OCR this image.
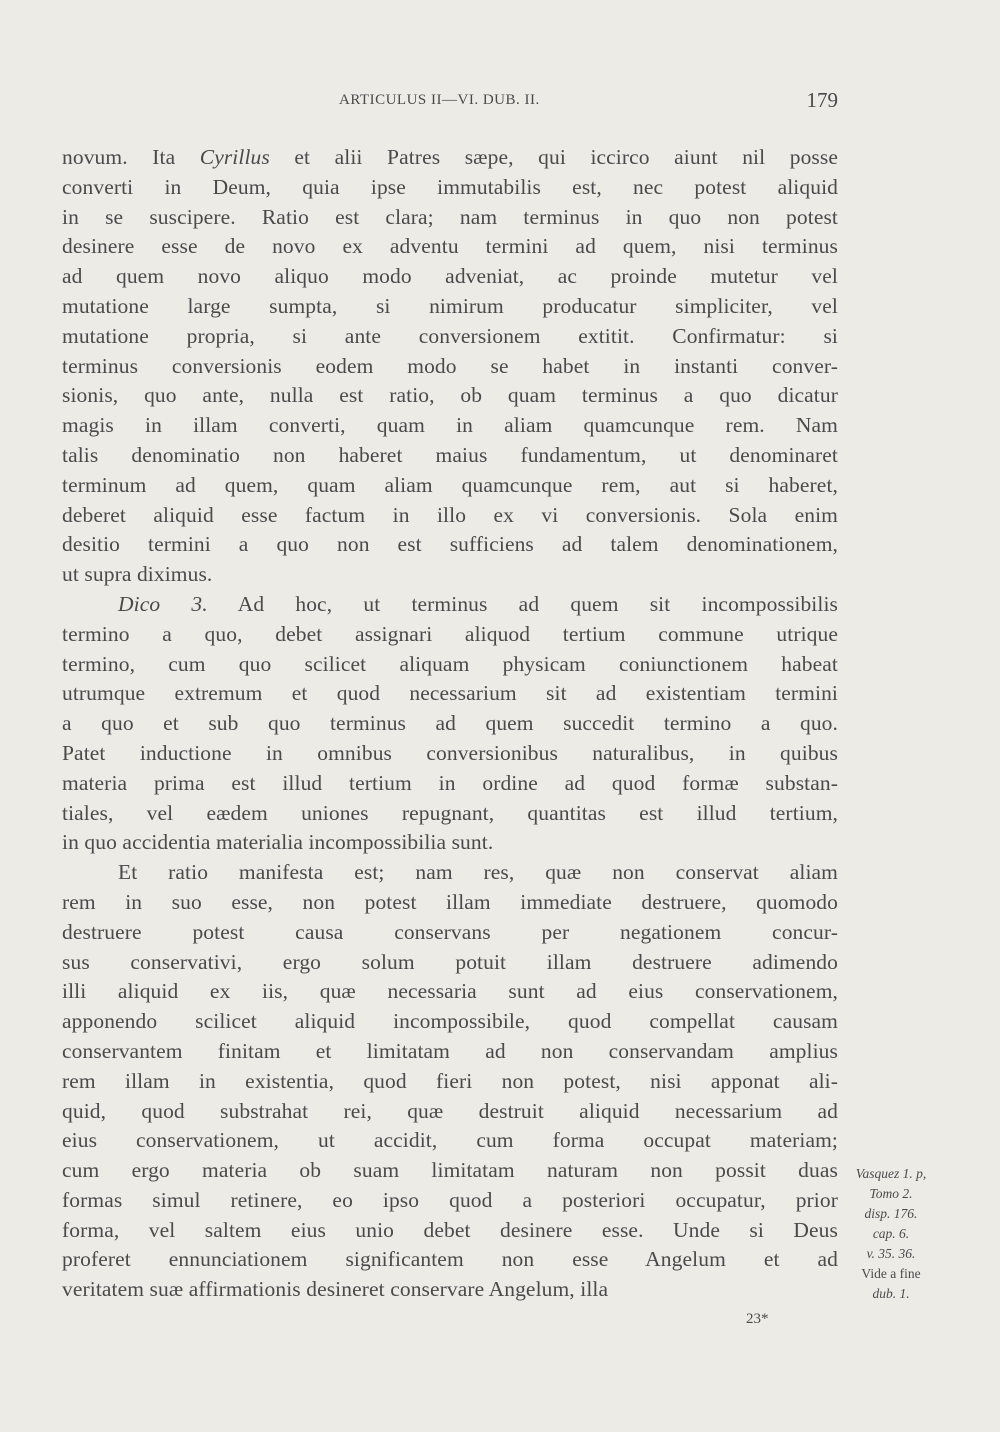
ARTICULUS II—VI. DUB. II.	179
novum. Ita Cyrillus et alii Patres sæpe, qui iccirco aiunt nil posse
converti in Deum, quia ipse immutabilis est, nec potest aliquid
in se suscipere. Ratio est clara; nam terminus in quo non potest
desinere esse de novo ex adventu termini ad quem, nisi terminus
ad quem novo aliquo modo adveniat, ac proinde mutetur vel
mutatione large sumpta, si nimirum producatur simpliciter, vel
mutatione propria, si ante conversionem extitit. Confirmatur: si
terminus conversionis eodem modo se habet in instanti conver-
sionis, quo ante, nulla est ratio, ob quam terminus a quo dicatur
magis in illam converti, quam in aliam quamcunque rem. Nam
talis denominatio non haberet maius fundamentum, ut denominaret
terminum ad quem, quam aliam quamcunque rem, aut si haberet,
deberet aliquid esse factum in illo ex vi conversionis. Sola enim
desitio termini a quo non est sufficiens ad talem denominationem,
ut supra diximus.
Dico 3. Ad hoc, ut terminus ad quem sit incompossibilis
termino a quo, debet assignari aliquod tertium commune utrique
termino, cum quo scilicet aliquam physicam coniunctionem habeat
utrumque extremum et quod necessarium sit ad existentiam termini
a quo et sub quo terminus ad quem succedit termino a quo.
Patet inductione in omnibus conversionibus naturalibus, in quibus
materia prima est illud tertium in ordine ad quod formæ substan-
tiales, vel eædem uniones repugnant, quantitas est illud tertium,
in quo accidentia materialia incompossibilia sunt.
Et ratio manifesta est; nam res, quæ non conservat aliam
rem in suo esse, non potest illam immediate destruere, quomodo
destruere potest causa conservans per negationem concur-
sus conservativi, ergo solum potuit illam destruere adimendo
illi aliquid ex iis, quæ necessaria sunt ad eius conservationem,
apponendo scilicet aliquid incompossibile, quod compellat causam
conservantem finitam et limitatam ad non conservandam amplius
rem illam in existentia, quod fieri non potest, nisi apponat ali-
quid, quod substrahat rei, quæ destruit aliquid necessarium ad
eius conservationem, ut accidit, cum forma occupat materiam;
cum ergo materia ob suam limitatam naturam non possit duas
formas simul retinere, eo ipso quod a posteriori occupatur, prior
forma, vel saltem eius unio debet desinere esse. Unde si Deus
proferet ennunciationem significantem non esse Angelum et ad
veritatem suæ affirmationis desineret conservare Angelum, illa
Vasquez 1. p,
Tomo 2.
disp. 176.
cap. 6.
v. 35. 36.
Vide a fine
dub. 1.
23*
